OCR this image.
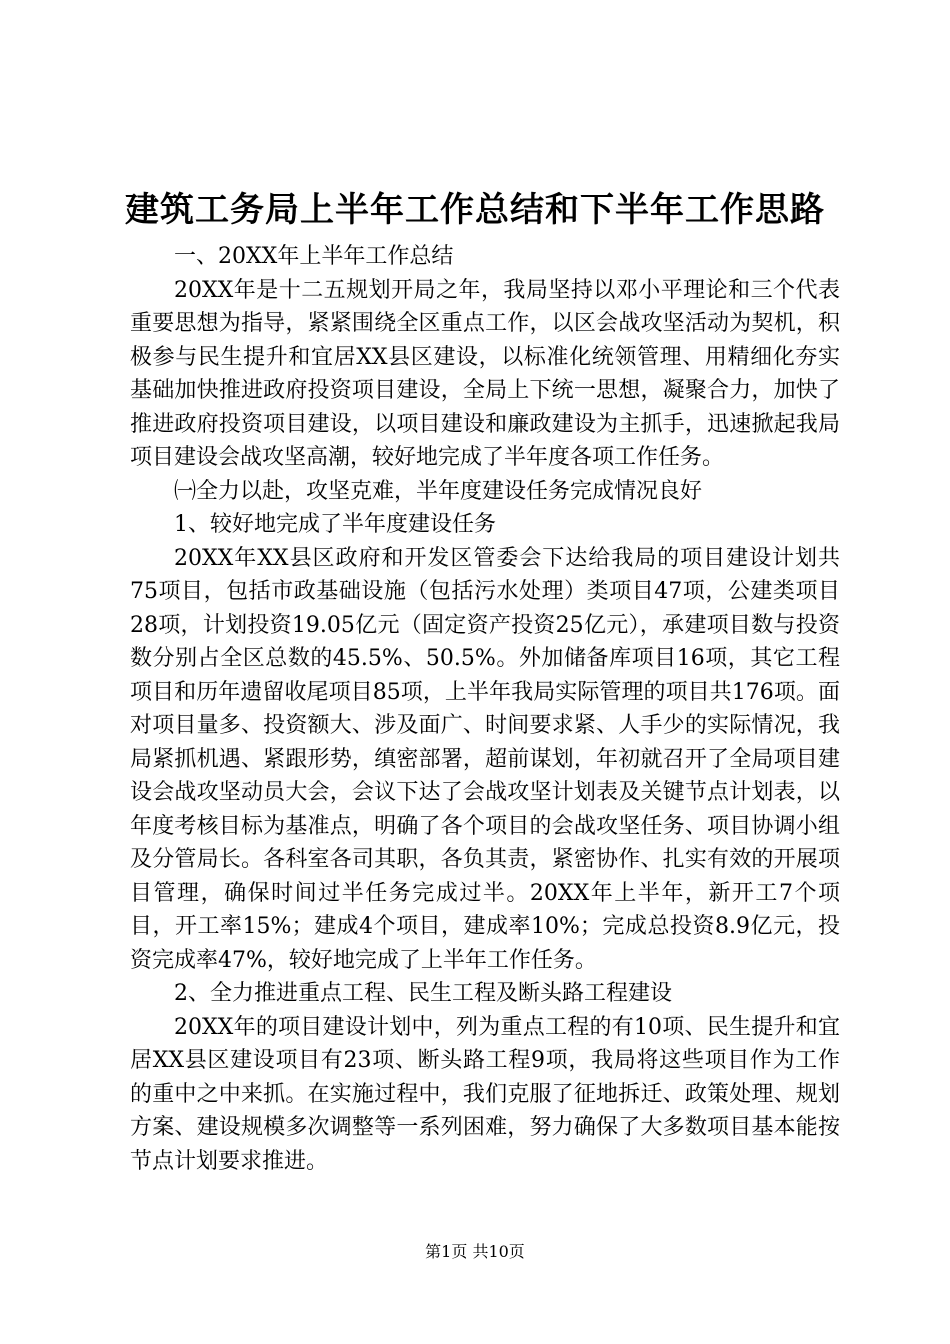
建筑工务局上半年工作总结和下半年工作思路

一、20XX年上半年工作总结

20XX年是十二五规划开局之年，我局坚持以邓小平理论和三个代表重要思想为指导，紧紧围绕全区重点工作，以区会战攻坚活动为契机，积极参与民生提升和宜居XX县区建设，以标准化统领管理、用精细化夯实基础加快推进政府投资项目建设，全局上下统一思想，凝聚合力，加快了推进政府投资项目建设，以项目建设和廉政建设为主抓手，迅速掀起我局项目建设会战攻坚高潮，较好地完成了半年度各项工作任务。

㈠全力以赴，攻坚克难，半年度建设任务完成情况良好

1、较好地完成了半年度建设任务

20XX年XX县区政府和开发区管委会下达给我局的项目建设计划共75项目，包括市政基础设施（包括污水处理）类项目47项，公建类项目28项，计划投资19.05亿元（固定资产投资25亿元），承建项目数与投资数分别占全区总数的45.5%、50.5%。外加储备库项目16项，其它工程项目和历年遗留收尾项目85项，上半年我局实际管理的项目共176项。面对项目量多、投资额大、涉及面广、时间要求紧、人手少的实际情况，我局紧抓机遇、紧跟形势，缜密部署，超前谋划，年初就召开了全局项目建设会战攻坚动员大会，会议下达了会战攻坚计划表及关键节点计划表，以年度考核目标为基准点，明确了各个项目的会战攻坚任务、项目协调小组及分管局长。各科室各司其职，各负其责，紧密协作、扎实有效的开展项目管理，确保时间过半任务完成过半。20XX年上半年，新开工7个项目，开工率15%；建成4个项目，建成率10%；完成总投资8.9亿元，投资完成率47%，较好地完成了上半年工作任务。

2、全力推进重点工程、民生工程及断头路工程建设

20XX年的项目建设计划中，列为重点工程的有10项、民生提升和宜居XX县区建设项目有23项、断头路工程9项，我局将这些项目作为工作的重中之中来抓。在实施过程中，我们克服了征地拆迁、政策处理、规划方案、建设规模多次调整等一系列困难，努力确保了大多数项目基本能按节点计划要求推进。

第1页 共10页
